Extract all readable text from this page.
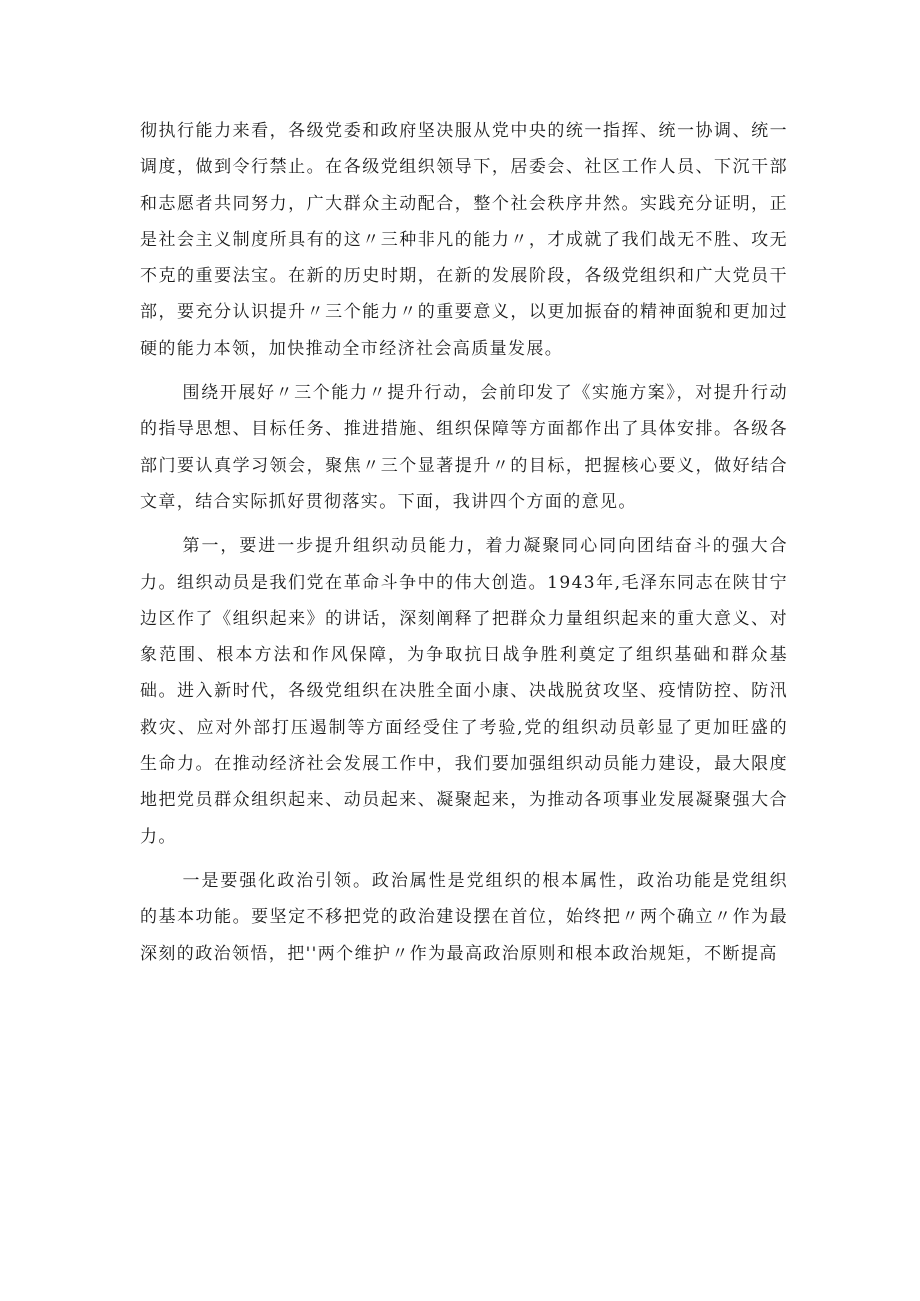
彻执行能力来看，各级党委和政府坚决服从党中央的统一指挥、统一协调、统一调度，做到令行禁止。在各级党组织领导下，居委会、社区工作人员、下沉干部和志愿者共同努力，广大群众主动配合，整个社会秩序井然。实践充分证明，正是社会主义制度所具有的这〃三种非凡的能力〃，才成就了我们战无不胜、攻无不克的重要法宝。在新的历史时期，在新的发展阶段，各级党组织和广大党员干部，要充分认识提升〃三个能力〃的重要意义，以更加振奋的精神面貌和更加过硬的能力本领，加快推动全市经济社会高质量发展。

围绕开展好〃三个能力〃提升行动，会前印发了《实施方案》，对提升行动的指导思想、目标任务、推进措施、组织保障等方面都作出了具体安排。各级各部门要认真学习领会，聚焦〃三个显著提升〃的目标，把握核心要义，做好结合文章，结合实际抓好贯彻落实。下面，我讲四个方面的意见。

第一，要进一步提升组织动员能力，着力凝聚同心同向团结奋斗的强大合力。组织动员是我们党在革命斗争中的伟大创造。1943年,毛泽东同志在陕甘宁边区作了《组织起来》的讲话，深刻阐释了把群众力量组织起来的重大意义、对象范围、根本方法和作风保障，为争取抗日战争胜利奠定了组织基础和群众基础。进入新时代，各级党组织在决胜全面小康、决战脱贫攻坚、疫情防控、防汛救灾、应对外部打压遏制等方面经受住了考验,党的组织动员彰显了更加旺盛的生命力。在推动经济社会发展工作中，我们要加强组织动员能力建设，最大限度地把党员群众组织起来、动员起来、凝聚起来，为推动各项事业发展凝聚强大合力。

一是要强化政治引领。政治属性是党组织的根本属性，政治功能是党组织的基本功能。要坚定不移把党的政治建设摆在首位，始终把〃两个确立〃作为最深刻的政治领悟，把''两个维护〃作为最高政治原则和根本政治规矩，不断提高
